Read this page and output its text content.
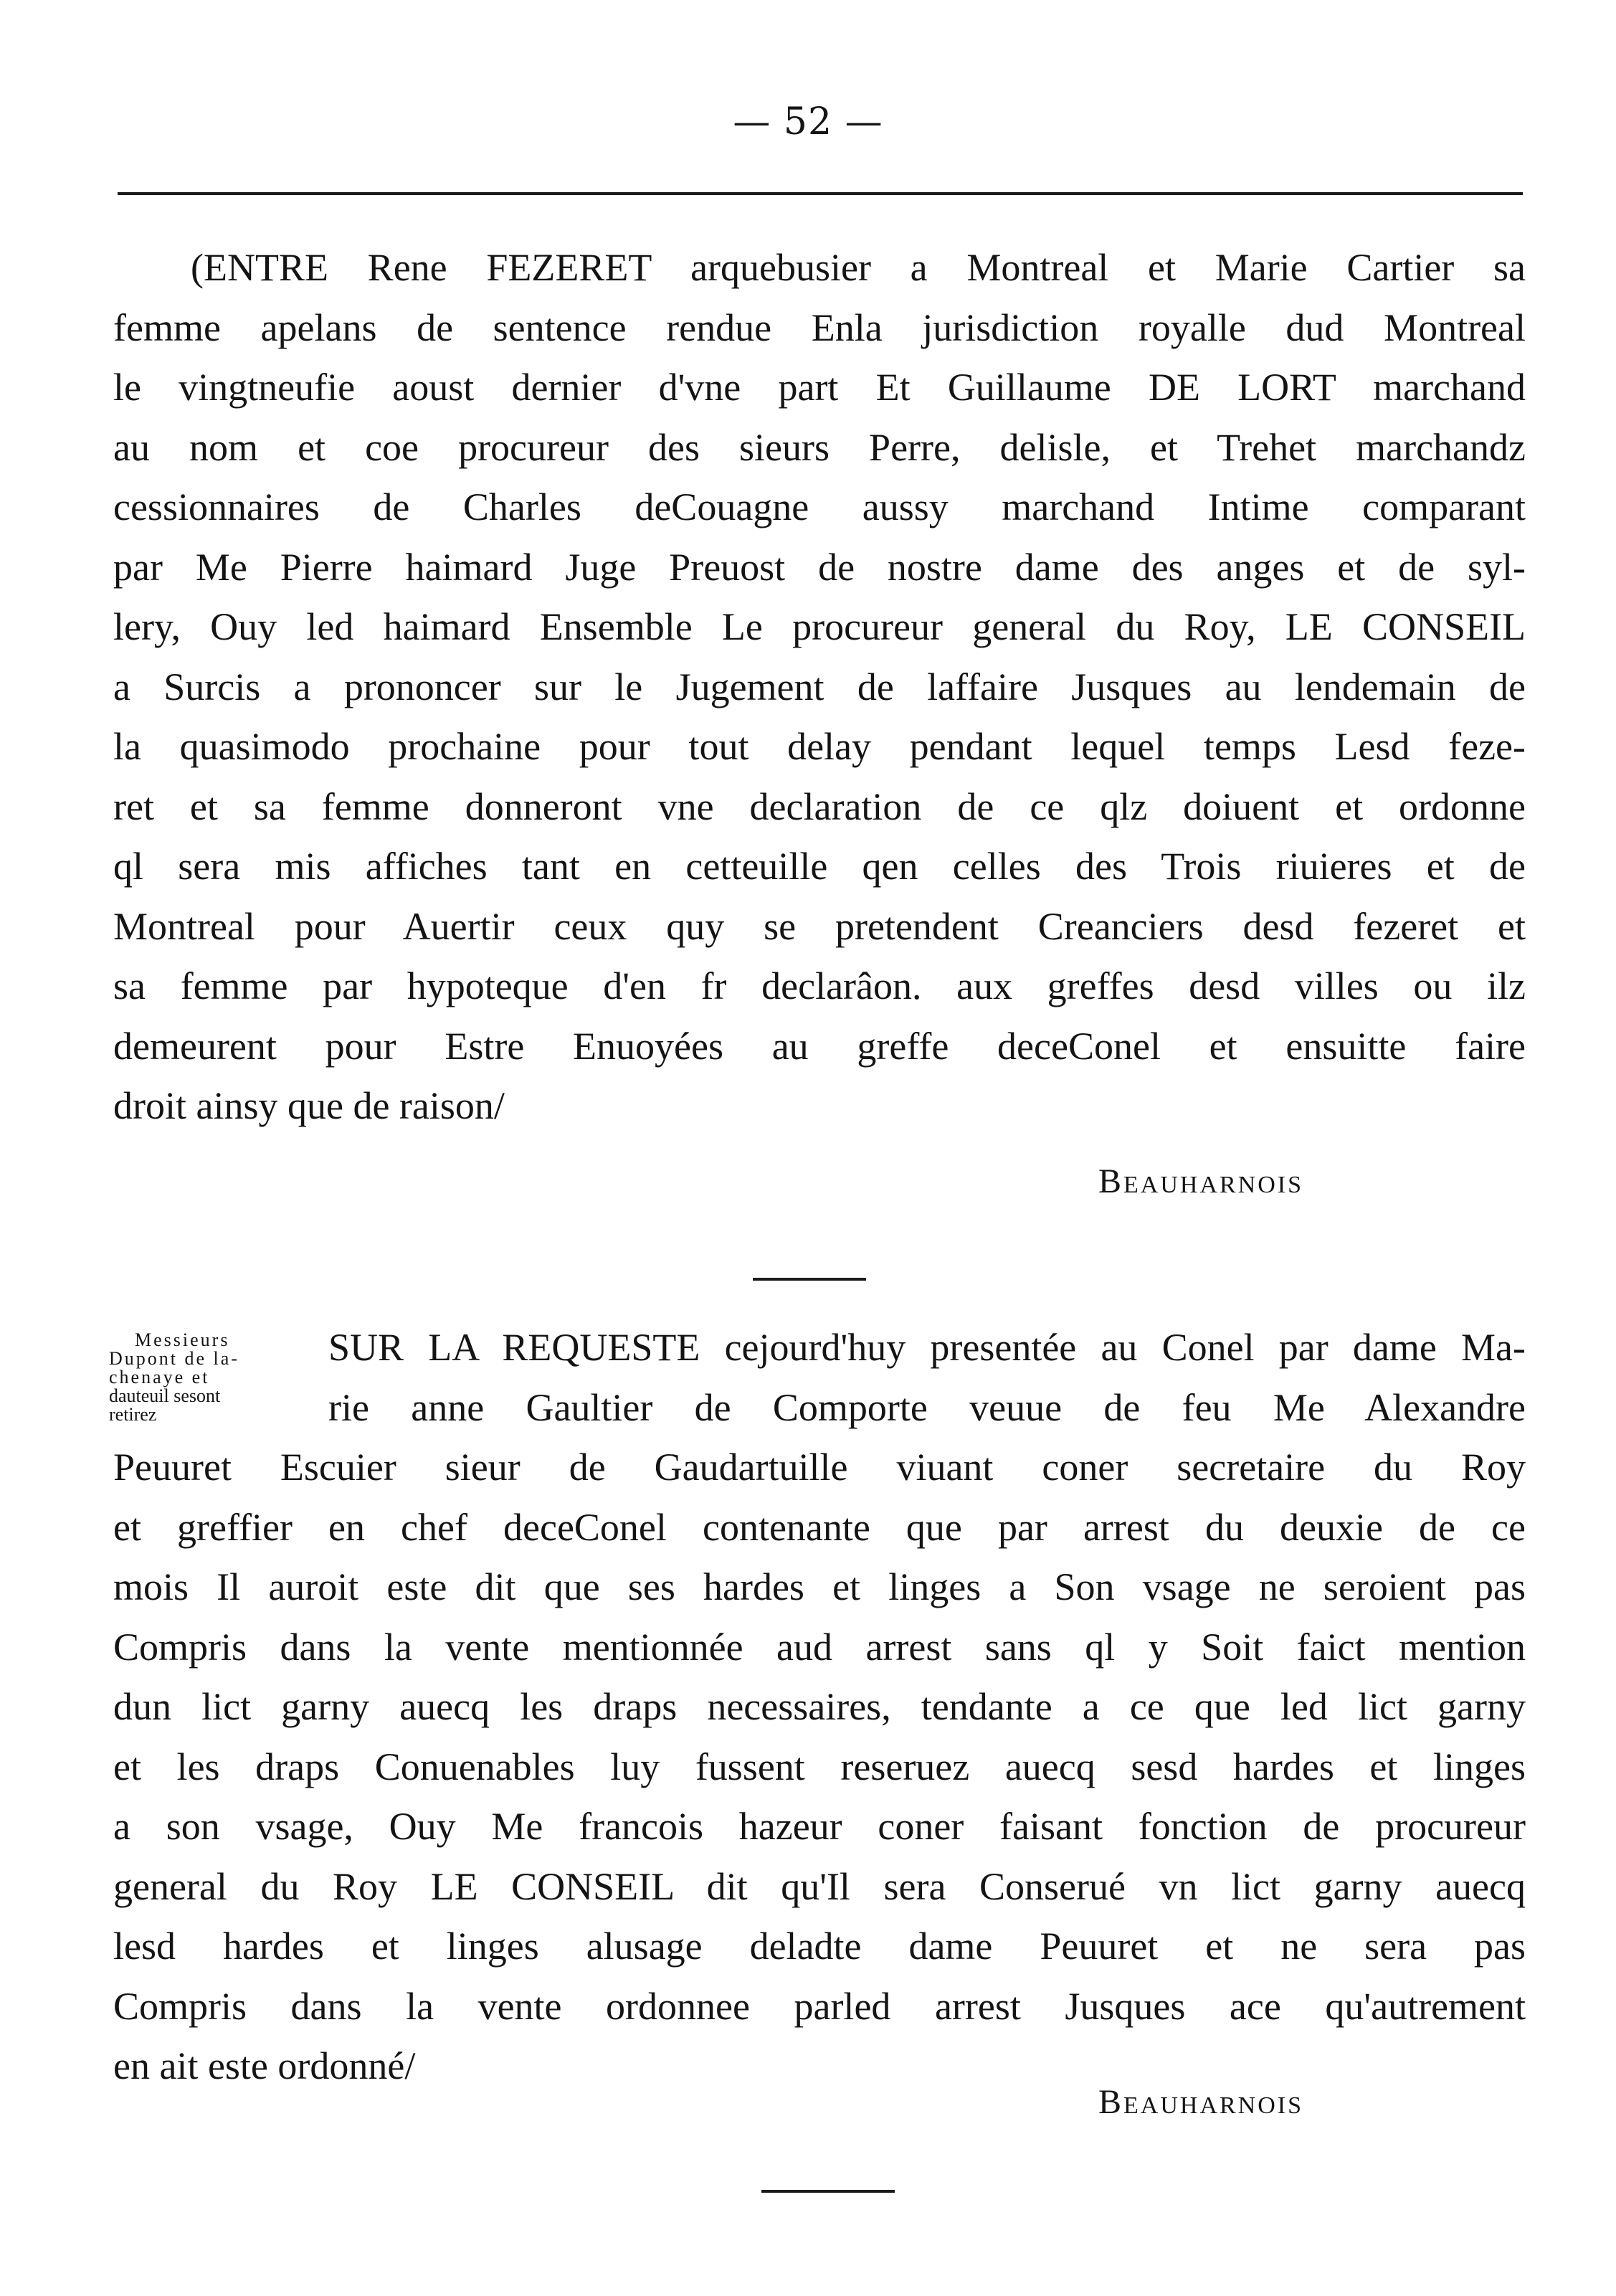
— 52 —
(ENTRE Rene FEZERET arquebusier a Montreal et Marie Cartier sa
femme apelans de sentence rendue Enla jurisdiction royalle dud Montreal
le vingtneufie aoust dernier d'vne part Et Guillaume DE LORT marchand
au nom et coe procureur des sieurs Perre, delisle, et Trehet marchandz
cessionnaires de Charles deCouagne aussy marchand Intime comparant
par Me Pierre haimard Juge Preuost de nostre dame des anges et de syl-
lery, Ouy led haimard Ensemble Le procureur general du Roy, LE CONSEIL
a Surcis a prononcer sur le Jugement de laffaire Jusques au lendemain de
la quasimodo prochaine pour tout delay pendant lequel temps Lesd feze-
ret et sa femme donneront vne declaration de ce qlz doiuent et ordonne
ql sera mis affiches tant en cetteuille qen celles des Trois riuieres et de
Montreal pour Auertir ceux quy se pretendent Creanciers desd fezeret et
sa femme par hypoteque d'en fr declarâon. aux greffes desd villes ou ilz
demeurent pour Estre Enuoyées au greffe deceConel et ensuitte faire
droit ainsy que de raison/
Beauharnois
Messieurs
Dupont de la-
chenaye et
dauteuil sesont
retirez
SUR LA REQUESTE cejourd'huy presentée au Conel par dame Ma-
rie anne Gaultier de Comporte veuue de feu Me Alexandre
Peuuret Escuier sieur de Gaudartuille viuant coner secretaire du Roy
et greffier en chef deceConel contenante que par arrest du deuxie de ce
mois Il auroit este dit que ses hardes et linges a Son vsage ne seroient pas
Compris dans la vente mentionnée aud arrest sans ql y Soit faict mention
dun lict garny auecq les draps necessaires, tendante a ce que led lict garny
et les draps Conuenables luy fussent reseruez auecq sesd hardes et linges
a son vsage, Ouy Me francois hazeur coner faisant fonction de procureur
general du Roy LE CONSEIL dit qu'Il sera Conserué vn lict garny auecq
lesd hardes et linges alusage deladte dame Peuuret et ne sera pas
Compris dans la vente ordonnee parled arrest Jusques ace qu'autrement
en ait este ordonné/
Beauharnois
